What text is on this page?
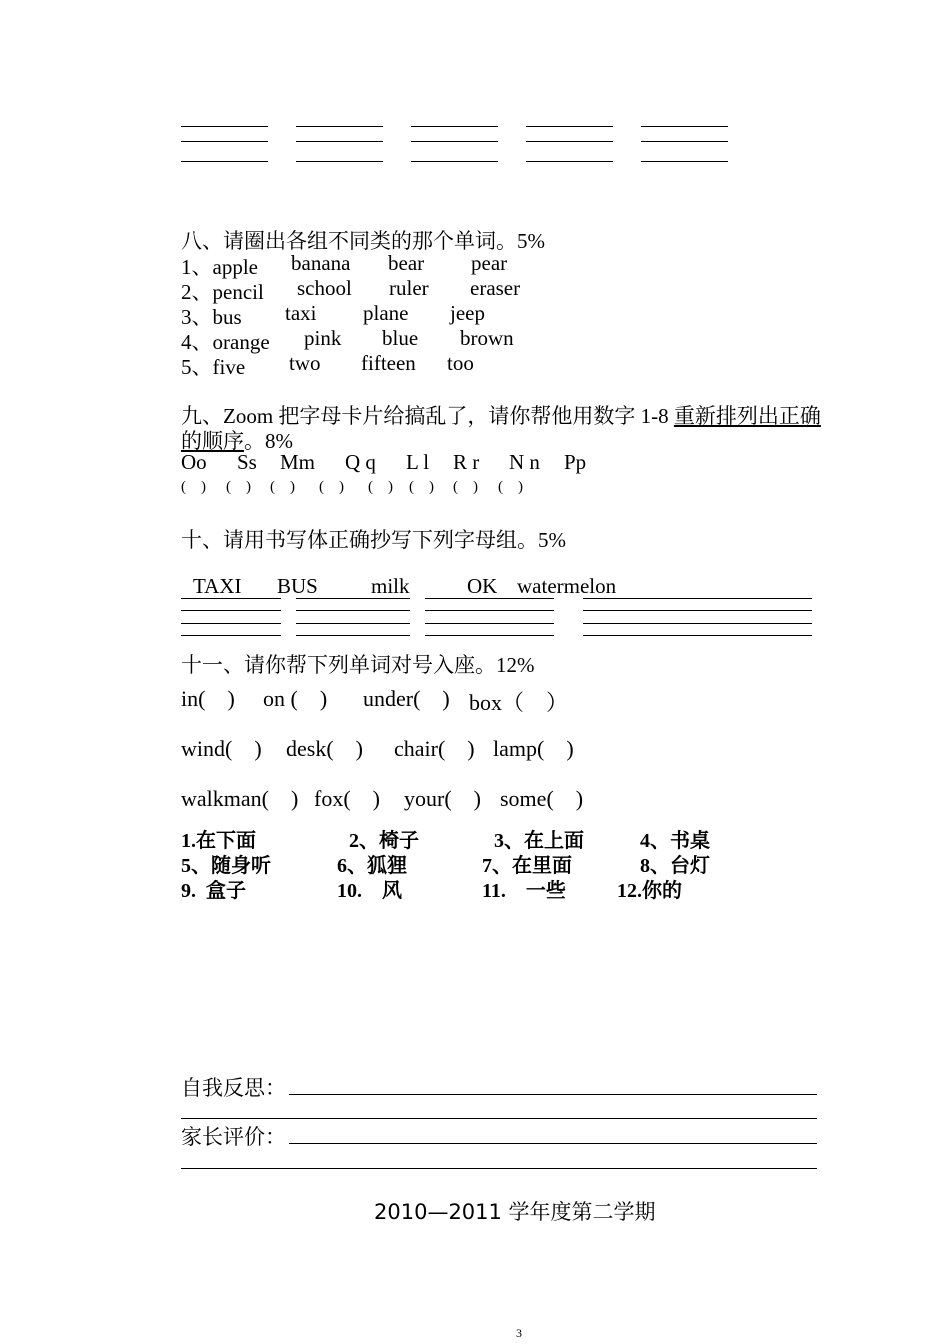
八、请圈出各组不同类的那个单词。5%
1、apple banana bear pear
2、pencil school ruler eraser
3、bus taxi plane jeep
4、orange pink blue brown
5、five two fifteen too
九、Zoom 把字母卡片给搞乱了，请你帮他用数字 1-8 重新排列出正确
的顺序。8%
Oo Ss Mm Q q L l R r N n Pp
(    ) (    ) (    ) (    ) (    ) (    ) (    ) (    )
十、请用书写体正确抄写下列字母组。5%
TAXI BUS	milk	OK watermelon
十一、请你帮下列单词对号入座。12%
in(    ) on (    ) under(    ) box（    ）
wind(    ) desk(    ) chair(    ) lamp(    )
walkman(    ) fox(    ) your(    ) some(    )
1.在下面	2、椅子	3、在上面	4、书桌
5、随身听	6、狐狸	7、在里面	8、台灯
9.  盒子	10.    风	11.    一些	12.你的
自我反思：
家长评价：
2010—2011 学年度第二学期
3
